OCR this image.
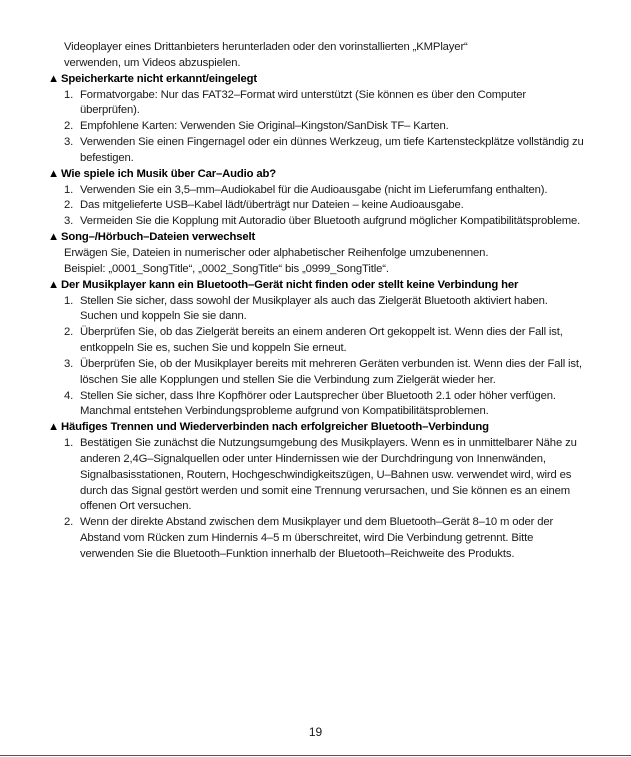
Videoplayer eines Drittanbieters herunterladen oder den vorinstallierten „KMPlayer“

verwenden, um Videos abzuspielen.

▲ Speicherkarte nicht erkannt/eingelegt
1. Formatvorgabe: Nur das FAT32–Format wird unterstützt (Sie können es über den Computer überprüfen).
2. Empfohlene Karten: Verwenden Sie Original–Kingston/SanDisk TF– Karten.
3. Verwenden Sie einen Fingernagel oder ein dünnes Werkzeug, um tiefe Kartensteckplätze vollständig zu befestigen.
▲ Wie spiele ich Musik über Car–Audio ab?
1. Verwenden Sie ein 3,5–mm–Audiokabel für die Audioausgabe (nicht im Lieferumfang enthalten).
2. Das mitgelieferte USB–Kabel lädt/überträgt nur Dateien – keine Audioausgabe.
3. Vermeiden Sie die Kopplung mit Autoradio über Bluetooth aufgrund möglicher Kompatibilitätsprobleme.
▲ Song–/Hörbuch–Dateien verwechselt

Erwägen Sie, Dateien in numerischer oder alphabetischer Reihenfolge umzubenennen.

Beispiel: „0001_SongTitle“, „0002_SongTitle“ bis „0999_SongTitle“.

▲ Der Musikplayer kann ein Bluetooth–Gerät nicht finden oder stellt keine Verbindung her
1. Stellen Sie sicher, dass sowohl der Musikplayer als auch das Zielgerät Bluetooth aktiviert haben. Suchen und koppeln Sie sie dann.
2. Überprüfen Sie, ob das Zielgerät bereits an einem anderen Ort gekoppelt ist. Wenn dies der Fall ist, entkoppeln Sie es, suchen Sie und koppeln Sie erneut.
3. Überprüfen Sie, ob der Musikplayer bereits mit mehreren Geräten verbunden ist. Wenn dies der Fall ist, löschen Sie alle Kopplungen und stellen Sie die Verbindung zum Zielgerät wieder her.
4. Stellen Sie sicher, dass Ihre Kopfhörer oder Lautsprecher über Bluetooth 2.1 oder höher verfügen. Manchmal entstehen Verbindungsprobleme aufgrund von Kompatibilitätsproblemen.
▲ Häufiges Trennen und Wiederverbinden nach erfolgreicher Bluetooth–Verbindung
1. Bestätigen Sie zunächst die Nutzungsumgebung des Musikplayers. Wenn es in unmittelbarer Nähe zu anderen 2,4G–Signalquellen oder unter Hindernissen wie der Durchdringung von Innenwänden, Signalbasisstationen, Routern, Hochgeschwindigkeitszügen, U–Bahnen usw. verwendet wird, wird es durch das Signal gestört werden und somit eine Trennung verursachen, und Sie können es an einem offenen Ort versuchen.
2. Wenn der direkte Abstand zwischen dem Musikplayer und dem Bluetooth–Gerät 8–10 m oder der Abstand vom Rücken zum Hindernis 4–5 m überschreitet, wird Die Verbindung getrennt. Bitte verwenden Sie die Bluetooth–Funktion innerhalb der Bluetooth–Reichweite des Produkts.
19
